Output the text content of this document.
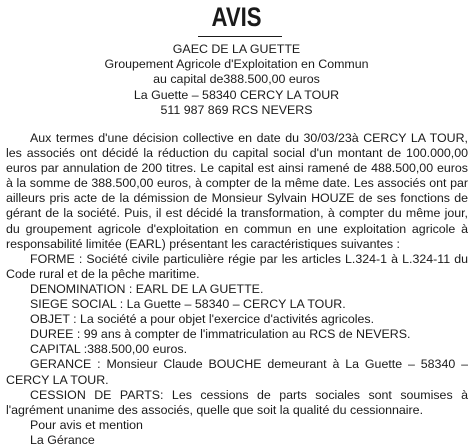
AVIS
GAEC DE LA GUETTE
Groupement Agricole d'Exploitation en Commun
au capital de388.500,00 euros
La Guette – 58340 CERCY LA TOUR
511 987 869 RCS NEVERS

Aux termes d'une décision collective en date du 30/03/23à CERCY LA TOUR, les associés ont décidé la réduction du capital social d'un montant de 100.000,00 euros par annulation de 200 titres. Le capital est ainsi ramené de 488.500,00 euros à la somme de 388.500,00 euros, à compter de la même date. Les associés ont par ailleurs pris acte de la démission de Monsieur Sylvain HOUZE de ses fonctions de gérant de la société. Puis, il est décidé la transformation, à compter du même jour, du groupement agricole d'exploitation en commun en une exploitation agricole à responsabilité limitée (EARL) présentant les caractéristiques suivantes :

FORME : Société civile particulière régie par les articles L.324-1 à L.324-11 du Code rural et de la pêche maritime.

DENOMINATION : EARL DE LA GUETTE.

SIEGE SOCIAL : La Guette – 58340 – CERCY LA TOUR.

OBJET : La société a pour objet l'exercice d'activités agricoles.

DUREE : 99 ans à compter de l'immatriculation au RCS de NEVERS.

CAPITAL :388.500,00 euros.

GERANCE : Monsieur Claude BOUCHE demeurant à La Guette – 58340 – CERCY LA TOUR.

CESSION DE PARTS: Les cessions de parts sociales sont soumises à l'agrément unanime des associés, quelle que soit la qualité du cessionnaire.

Pour avis et mention

La Gérance
